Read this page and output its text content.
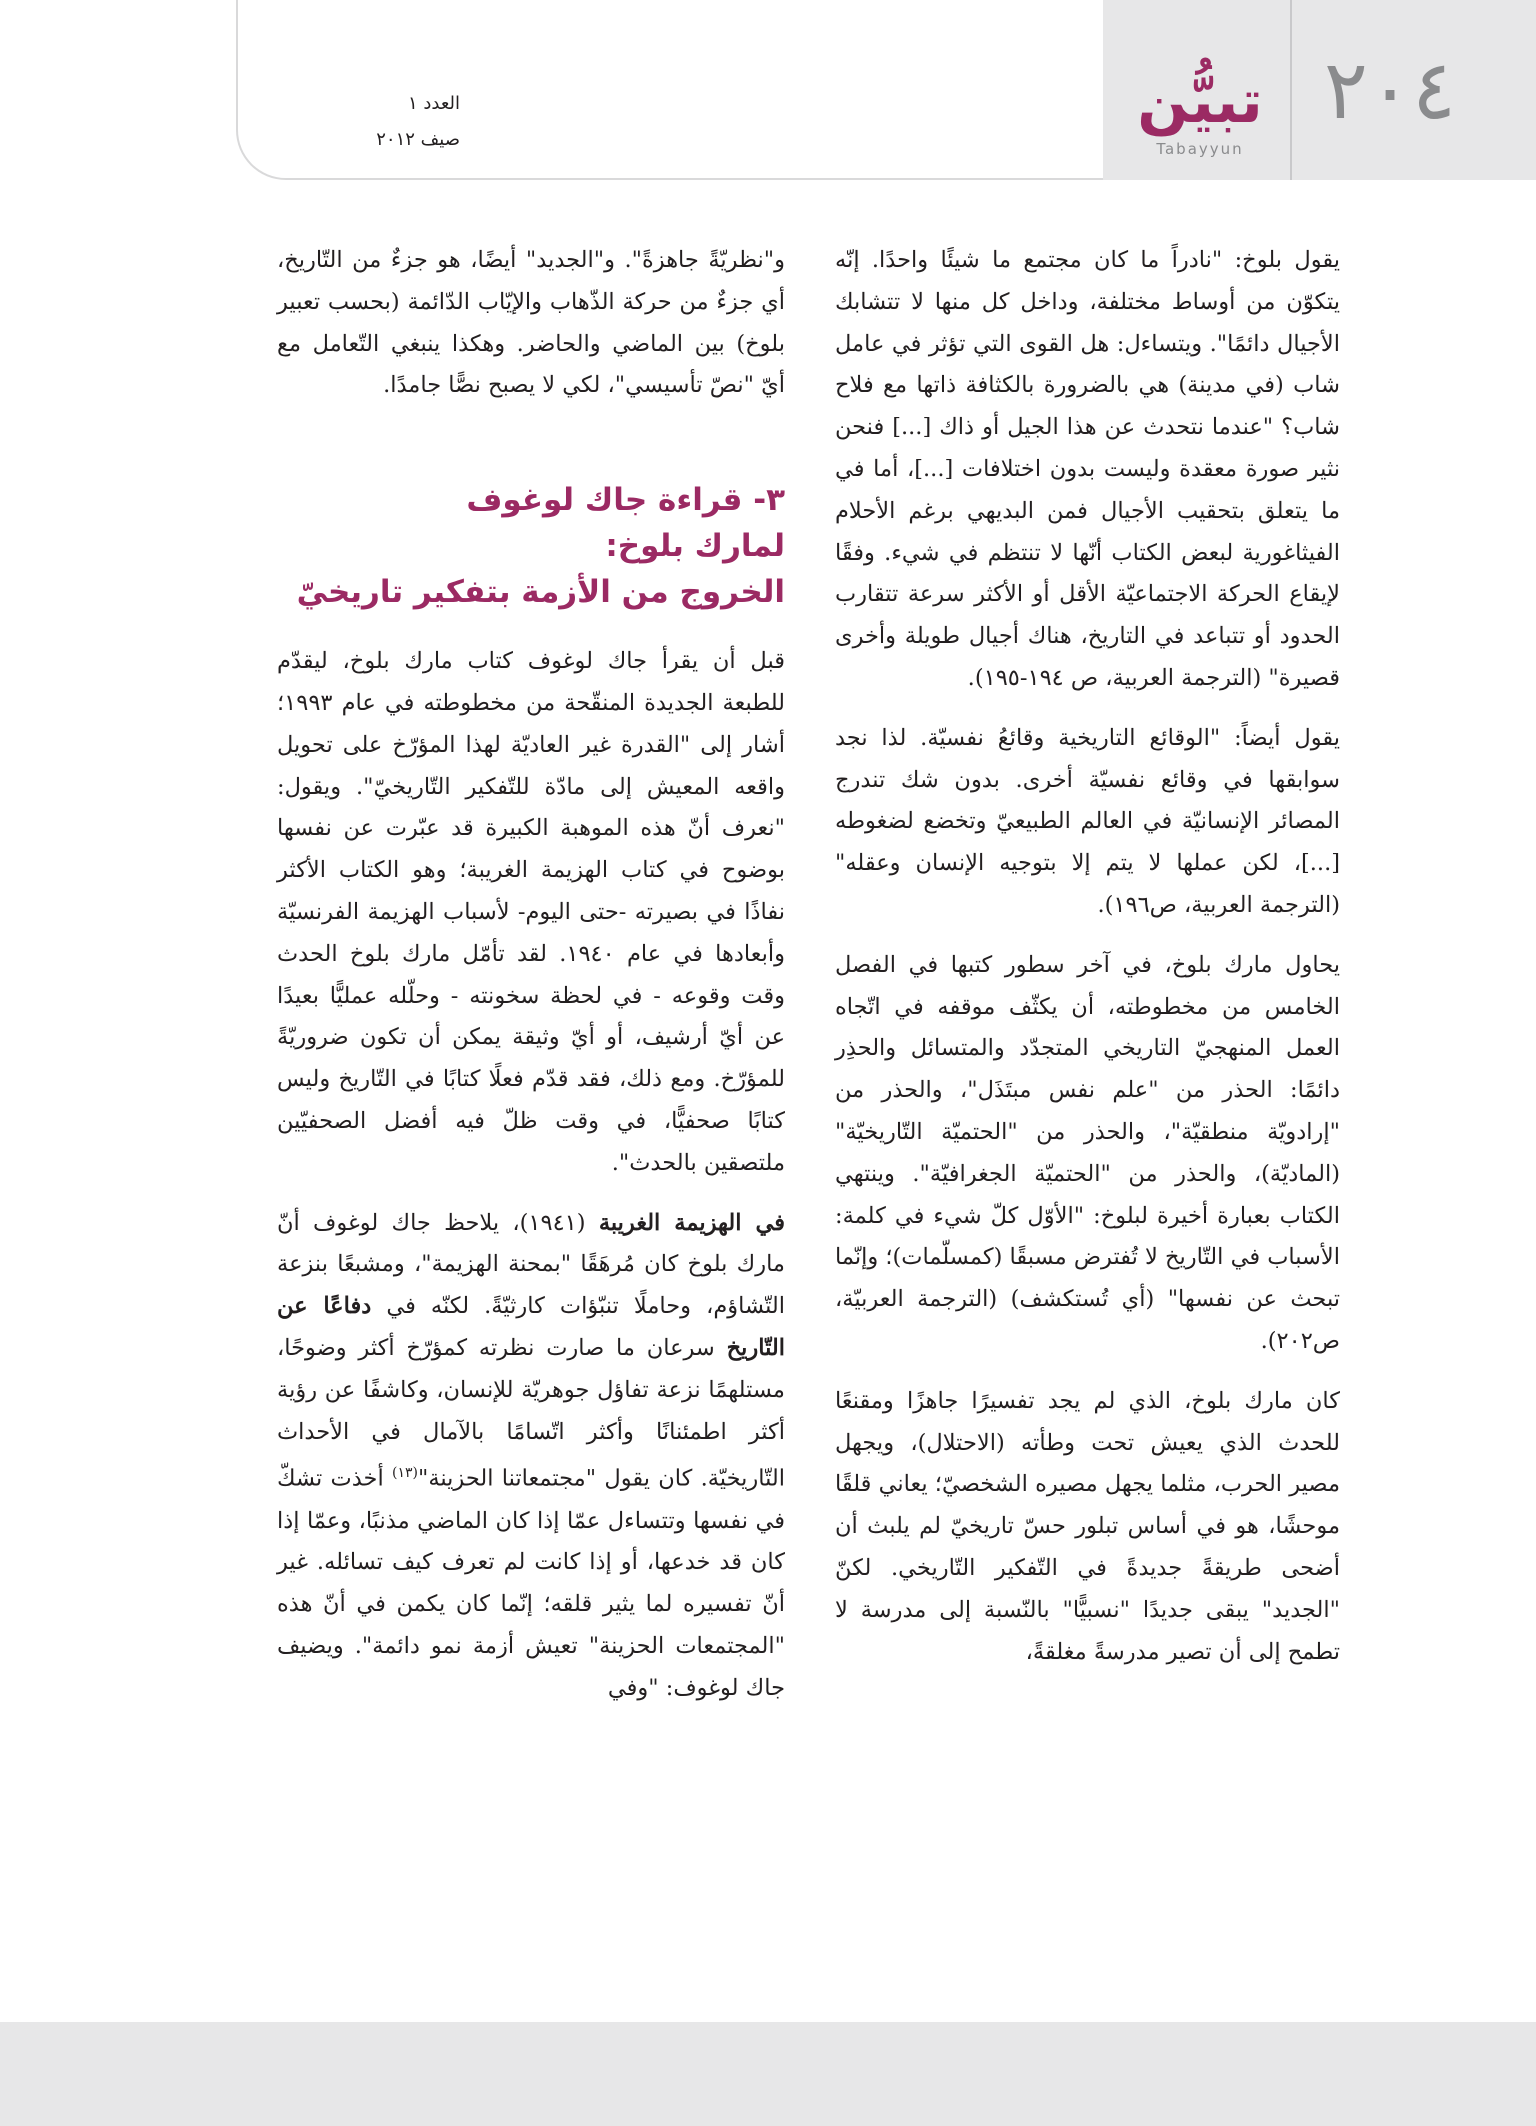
٢٠٤
تبيُّن
Tabayyun
العدد ١
صيف ٢٠١٢

يقول بلوخ: "نادراً ما كان مجتمع ما شيئًا واحدًا. إنّه يتكوّن من أوساط مختلفة، وداخل كل منها لا تتشابك الأجيال دائمًا". ويتساءل: هل القوى التي تؤثر في عامل شاب (في مدينة) هي بالضرورة بالكثافة ذاتها مع فلاح شاب؟ "عندما نتحدث عن هذا الجيل أو ذاك [...] فنحن نثير صورة معقدة وليست بدون اختلافات [...]، أما في ما يتعلق بتحقيب الأجيال فمن البديهي برغم الأحلام الفيثاغورية لبعض الكتاب أنّها لا تنتظم في شيء. وفقًا لإيقاع الحركة الاجتماعيّة الأقل أو الأكثر سرعة تتقارب الحدود أو تتباعد في التاريخ، هناك أجيال طويلة وأخرى قصيرة" (الترجمة العربية، ص ١٩٤-١٩٥).

يقول أيضاً: "الوقائع التاريخية وقائعُ نفسيّة. لذا نجد سوابقها في وقائع نفسيّة أخرى. بدون شك تندرج المصائر الإنسانيّة في العالم الطبيعيّ وتخضع لضغوطه [...]، لكن عملها لا يتم إلا بتوجيه الإنسان وعقله" (الترجمة العربية، ص١٩٦).

يحاول مارك بلوخ، في آخر سطور كتبها في الفصل الخامس من مخطوطته، أن يكثّف موقفه في اتّجاه العمل المنهجيّ التاريخي المتجدّد والمتسائل والحذِر دائمًا: الحذر من "علم نفس مبتَذَل"، والحذر من "إرادويّة منطقيّة"، والحذر من "الحتميّة التّاريخيّة" (الماديّة)، والحذر من "الحتميّة الجغرافيّة". وينتهي الكتاب بعبارة أخيرة لبلوخ: "الأوّل كلّ شيء في كلمة: الأسباب في التّاريخ لا تُفترض مسبقًا (كمسلّمات)؛ وإنّما تبحث عن نفسها" (أي تُستكشف) (الترجمة العربيّة، ص٢٠٢).

كان مارك بلوخ، الذي لم يجد تفسيرًا جاهزًا ومقنعًا للحدث الذي يعيش تحت وطأته (الاحتلال)، ويجهل مصير الحرب، مثلما يجهل مصيره الشخصيّ؛ يعاني قلقًا موحشًا، هو في أساس تبلور حسّ تاريخيّ لم يلبث أن أضحى طريقةً جديدةً في التّفكير التّاريخي. لكنّ "الجديد" يبقى جديدًا "نسبيًّا" بالنّسبة إلى مدرسة لا تطمح إلى أن تصير مدرسةً مغلقةً،

و"نظريّةً جاهزةً". و"الجديد" أيضًا، هو جزءٌ من التّاريخ، أي جزءٌ من حركة الذّهاب والإيّاب الدّائمة (بحسب تعبير بلوخ) بين الماضي والحاضر. وهكذا ينبغي التّعامل مع أيّ "نصّ تأسيسي"، لكي لا يصبح نصًّا جامدًا.

٣- قراءة جاك لوغوف
لمارك بلوخ:
الخروج من الأزمة بتفكير تاريخيّ

قبل أن يقرأ جاك لوغوف كتاب مارك بلوخ، ليقدّم للطبعة الجديدة المنقّحة من مخطوطته في عام ١٩٩٣؛ أشار إلى "القدرة غير العاديّة لهذا المؤرّخ على تحويل واقعه المعيش إلى مادّة للتّفكير التّاريخيّ". ويقول: "نعرف أنّ هذه الموهبة الكبيرة قد عبّرت عن نفسها بوضوح في كتاب الهزيمة الغريبة؛ وهو الكتاب الأكثر نفاذًا في بصيرته -حتى اليوم- لأسباب الهزيمة الفرنسيّة وأبعادها في عام ١٩٤٠. لقد تأمّل مارك بلوخ الحدث وقت وقوعه - في لحظة سخونته - وحلّله عمليًّا بعيدًا عن أيّ أرشيف، أو أيّ وثيقة يمكن أن تكون ضروريّةً للمؤرّخ. ومع ذلك، فقد قدّم فعلًا كتابًا في التّاريخ وليس كتابًا صحفيًّا، في وقت ظلّ فيه أفضل الصحفيّين ملتصقين بالحدث".

في الهزيمة الغريبة (١٩٤١)، يلاحظ جاك لوغوف أنّ مارك بلوخ كان مُرهَقًا "بمحنة الهزيمة"، ومشبعًا بنزعة التّشاؤم، وحاملًا تنبّؤات كارثيّةً. لكنّه في دفاعًا عن التّاريخ سرعان ما صارت نظرته كمؤرّخ أكثر وضوحًا، مستلهمًا نزعة تفاؤل جوهريّة للإنسان، وكاشفًا عن رؤية أكثر اطمئنانًا وأكثر اتّسامًا بالآمال في الأحداث التّاريخيّة. كان يقول "مجتمعاتنا الحزينة"$^{(١٣)}$ أخذت تشكّ في نفسها وتتساءل عمّا إذا كان الماضي مذنبًا، وعمّا إذا كان قد خدعها، أو إذا كانت لم تعرف كيف تسائله. غير أنّ تفسيره لما يثير قلقه؛ إنّما كان يكمن في أنّ هذه "المجتمعات الحزينة" تعيش أزمة نمو دائمة". ويضيف جاك لوغوف: "وفي
